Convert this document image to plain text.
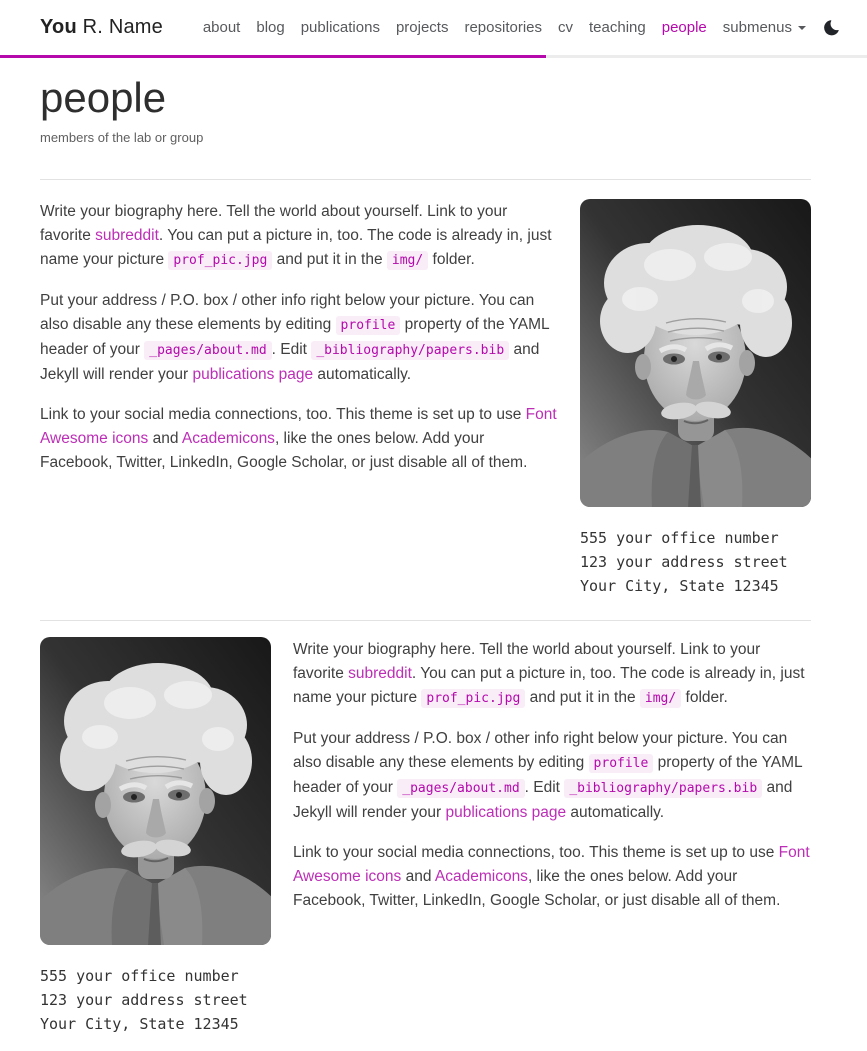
You R. Name	about blog publications projects repositories cv teaching people submenus
people

members of the lab or group

Write your biography here. Tell the world about yourself. Link to your favorite subreddit. You can put a picture in, too. The code is already in, just name your picture prof_pic.jpg and put it in the img/ folder.

Put your address / P.O. box / other info right below your picture. You can also disable any these elements by editing profile property of the YAML header of your _pages/about.md . Edit _bibliography/papers.bib and Jekyll will render your publications page automatically.

Link to your social media connections, too. This theme is set up to use Font Awesome icons and Academicons, like the ones below. Add your Facebook, Twitter, LinkedIn, Google Scholar, or just disable all of them.

555 your office number
123 your address street
Your City, State 12345
555 your office number
123 your address street
Your City, State 12345

Write your biography here. Tell the world about yourself. Link to your favorite subreddit. You can put a picture in, too. The code is already in, just name your picture prof_pic.jpg and put it in the img/ folder.

Put your address / P.O. box / other info right below your picture. You can also disable any these elements by editing profile property of the YAML header of your _pages/about.md . Edit _bibliography/papers.bib and Jekyll will render your publications page automatically.

Link to your social media connections, too. This theme is set up to use Font Awesome icons and Academicons, like the ones below. Add your Facebook, Twitter, LinkedIn, Google Scholar, or just disable all of them.
